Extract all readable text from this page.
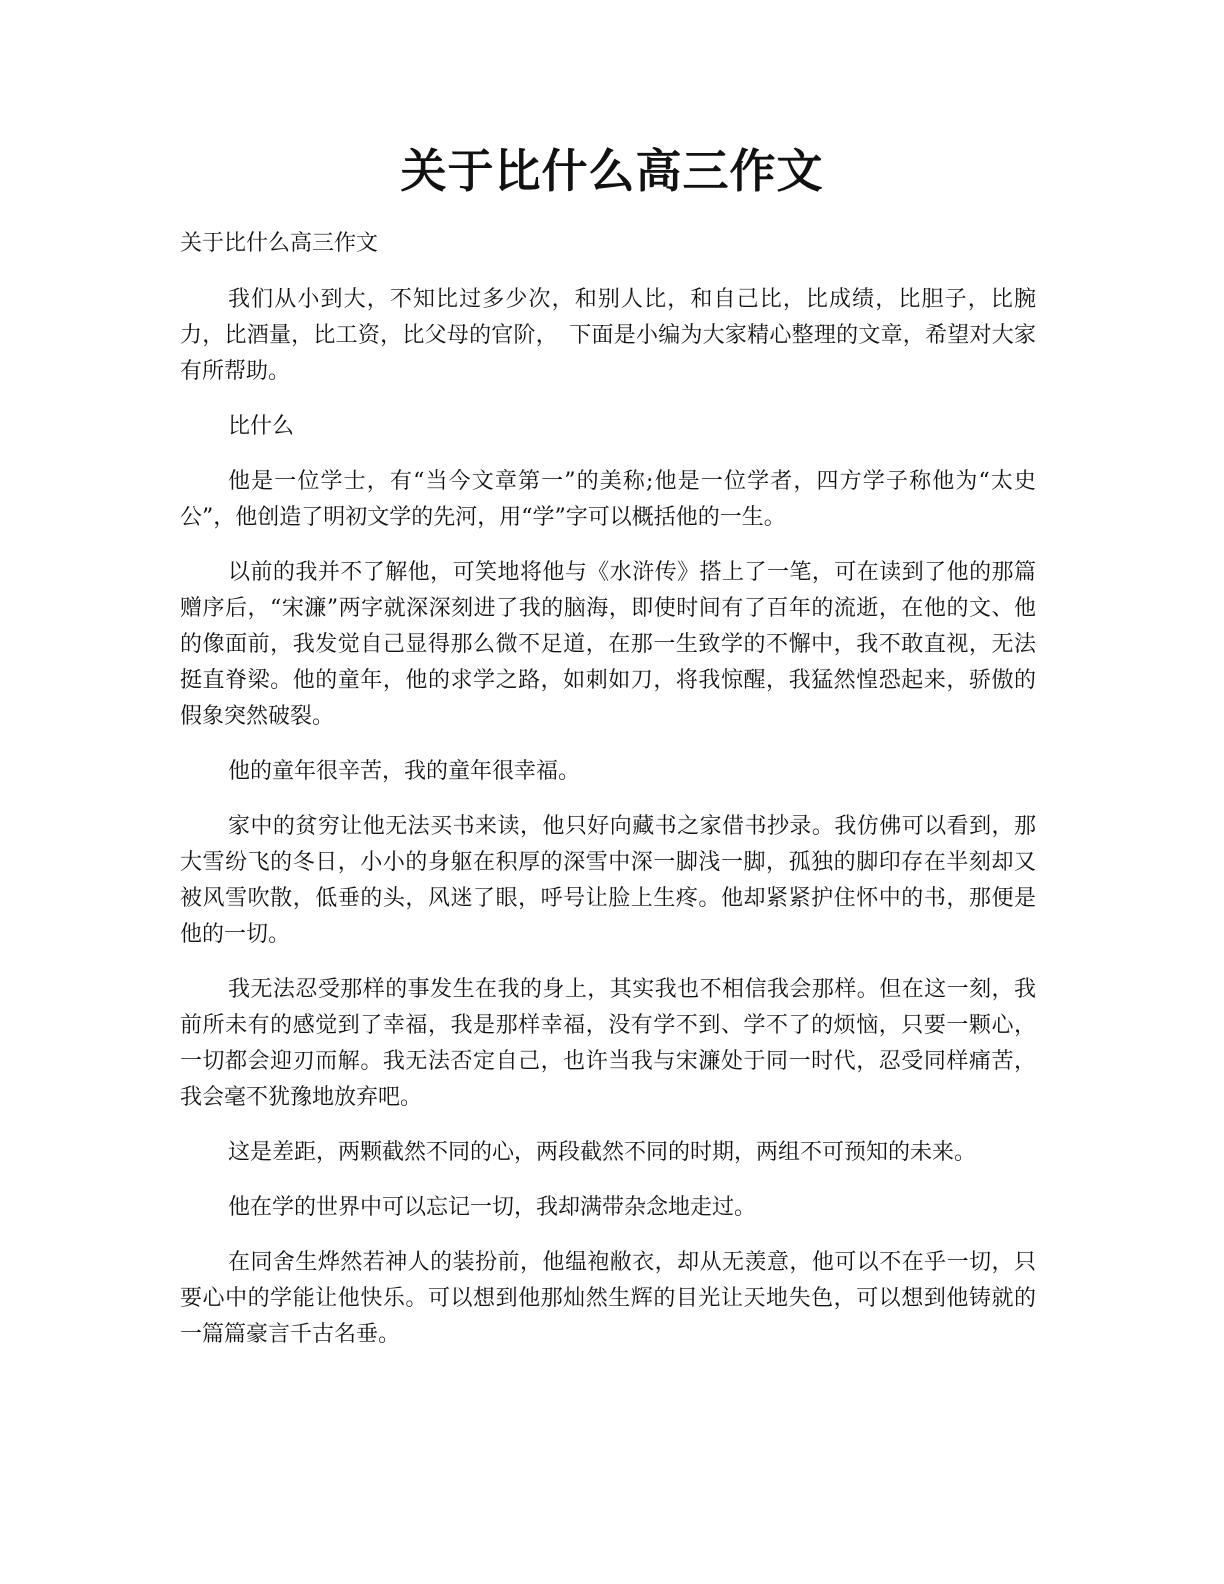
关于比什么高三作文

关于比什么高三作文

我们从小到大，不知比过多少次，和别人比，和自己比，比成绩，比胆子，比腕力，比酒量，比工资，比父母的官阶，　下面是小编为大家精心整理的文章，希望对大家有所帮助。

比什么

他是一位学士，有“当今文章第一”的美称;他是一位学者，四方学子称他为“太史公”，他创造了明初文学的先河，用“学”字可以概括他的一生。

以前的我并不了解他，可笑地将他与《水浒传》搭上了一笔，可在读到了他的那篇赠序后，“宋濂”两字就深深刻进了我的脑海，即使时间有了百年的流逝，在他的文、他的像面前，我发觉自己显得那么微不足道，在那一生致学的不懈中，我不敢直视，无法挺直脊梁。他的童年，他的求学之路，如刺如刀，将我惊醒，我猛然惶恐起来，骄傲的假象突然破裂。

他的童年很辛苦，我的童年很幸福。

家中的贫穷让他无法买书来读，他只好向藏书之家借书抄录。我仿佛可以看到，那大雪纷飞的冬日，小小的身躯在积厚的深雪中深一脚浅一脚，孤独的脚印存在半刻却又被风雪吹散，低垂的头，风迷了眼，呼号让脸上生疼。他却紧紧护住怀中的书，那便是他的一切。

我无法忍受那样的事发生在我的身上，其实我也不相信我会那样。但在这一刻，我前所未有的感觉到了幸福，我是那样幸福，没有学不到、学不了的烦恼，只要一颗心，一切都会迎刃而解。我无法否定自己，也许当我与宋濂处于同一时代，忍受同样痛苦，我会毫不犹豫地放弃吧。

这是差距，两颗截然不同的心，两段截然不同的时期，两组不可预知的未来。

他在学的世界中可以忘记一切，我却满带杂念地走过。

在同舍生烨然若神人的装扮前，他缊袍敝衣，却从无羡意，他可以不在乎一切，只要心中的学能让他快乐。可以想到他那灿然生辉的目光让天地失色，可以想到他铸就的一篇篇豪言千古名垂。
